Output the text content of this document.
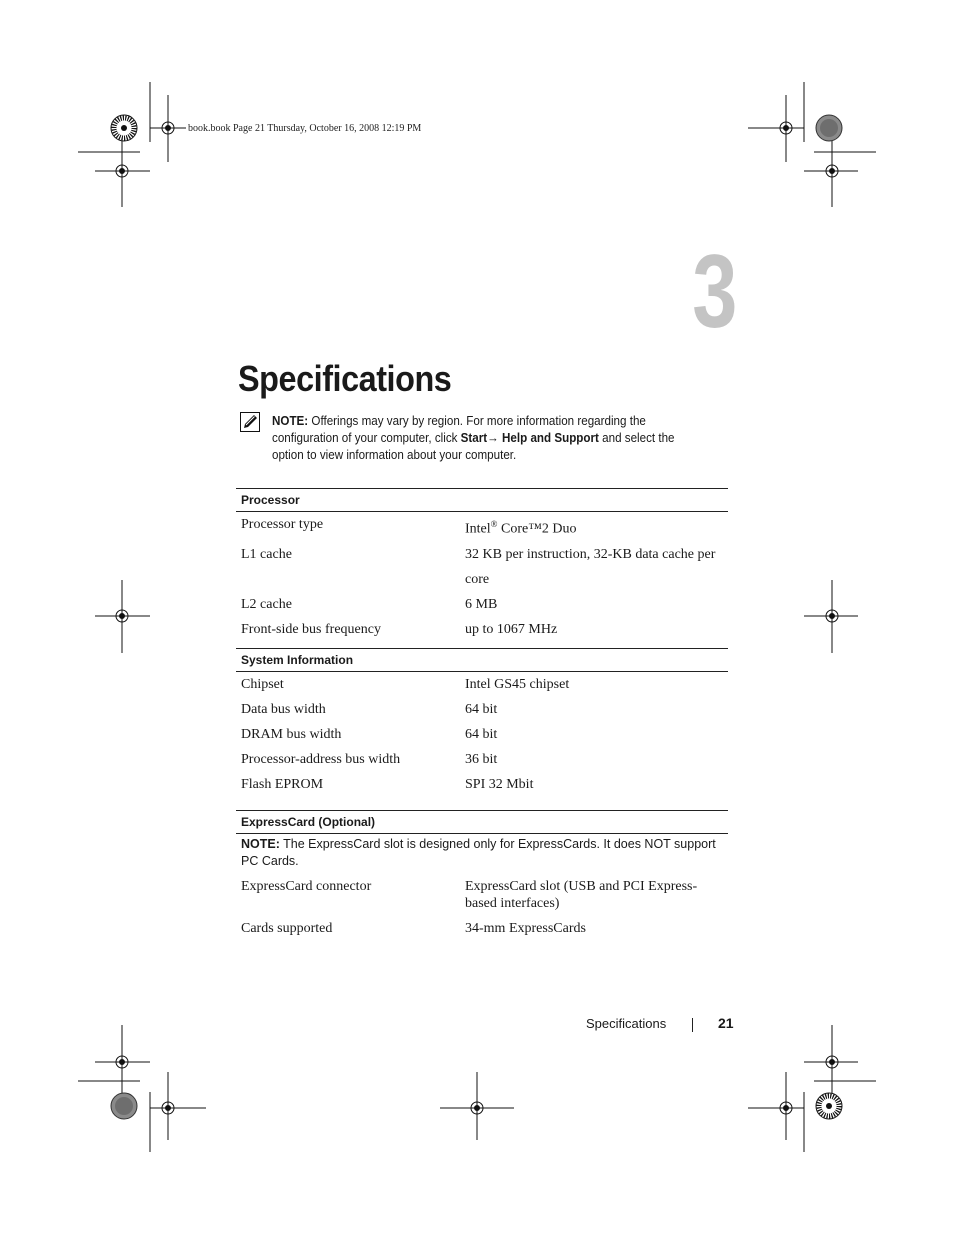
book.book Page 21 Thursday, October 16, 2008 12:19 PM
3
Specifications
NOTE: Offerings may vary by region. For more information regarding the configuration of your computer, click Start→ Help and Support and select the option to view information about your computer.
Processor
Processor type	Intel® Core™2 Duo
L1 cache	32 KB per instruction, 32-KB data cache per core
L2 cache	6 MB
Front-side bus frequency	up to 1067 MHz
System Information
Chipset	Intel GS45 chipset
Data bus width	64 bit
DRAM bus width	64 bit
Processor-address bus width	36 bit
Flash EPROM	SPI 32 Mbit
ExpressCard (Optional)
NOTE: The ExpressCard slot is designed only for ExpressCards. It does NOT support PC Cards.
ExpressCard connector	ExpressCard slot (USB and PCI Express-based interfaces)
Cards supported	34-mm ExpressCards
Specifications	21
